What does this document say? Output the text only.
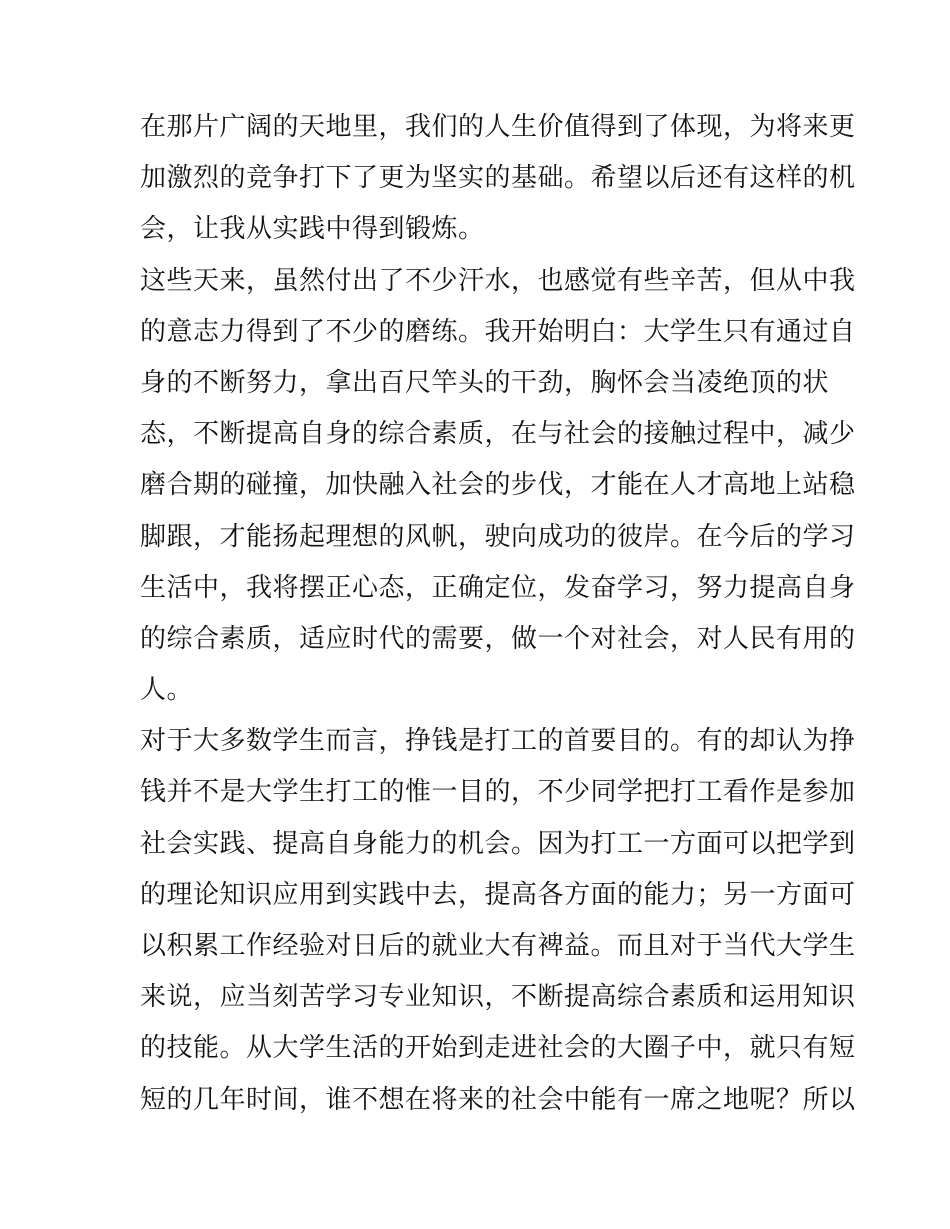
在那片广阔的天地里，我们的人生价值得到了体现，为将来更
加激烈的竞争打下了更为坚实的基础。希望以后还有这样的机
会，让我从实践中得到锻炼。
这些天来，虽然付出了不少汗水，也感觉有些辛苦，但从中我
的意志力得到了不少的磨练。我开始明白：大学生只有通过自
身的不断努力，拿出百尺竿头的干劲，胸怀会当凌绝顶的状
态，不断提高自身的综合素质，在与社会的接触过程中，减少
磨合期的碰撞，加快融入社会的步伐，才能在人才高地上站稳
脚跟，才能扬起理想的风帆，驶向成功的彼岸。在今后的学习
生活中，我将摆正心态，正确定位，发奋学习，努力提高自身
的综合素质，适应时代的需要，做一个对社会，对人民有用的
人。
对于大多数学生而言，挣钱是打工的首要目的。有的却认为挣
钱并不是大学生打工的惟一目的，不少同学把打工看作是参加
社会实践、提高自身能力的机会。因为打工一方面可以把学到
的理论知识应用到实践中去，提高各方面的能力；另一方面可
以积累工作经验对日后的就业大有裨益。而且对于当代大学生
来说，应当刻苦学习专业知识，不断提高综合素质和运用知识
的技能。从大学生活的开始到走进社会的大圈子中，就只有短
短的几年时间，谁不想在将来的社会中能有一席之地呢？所以
